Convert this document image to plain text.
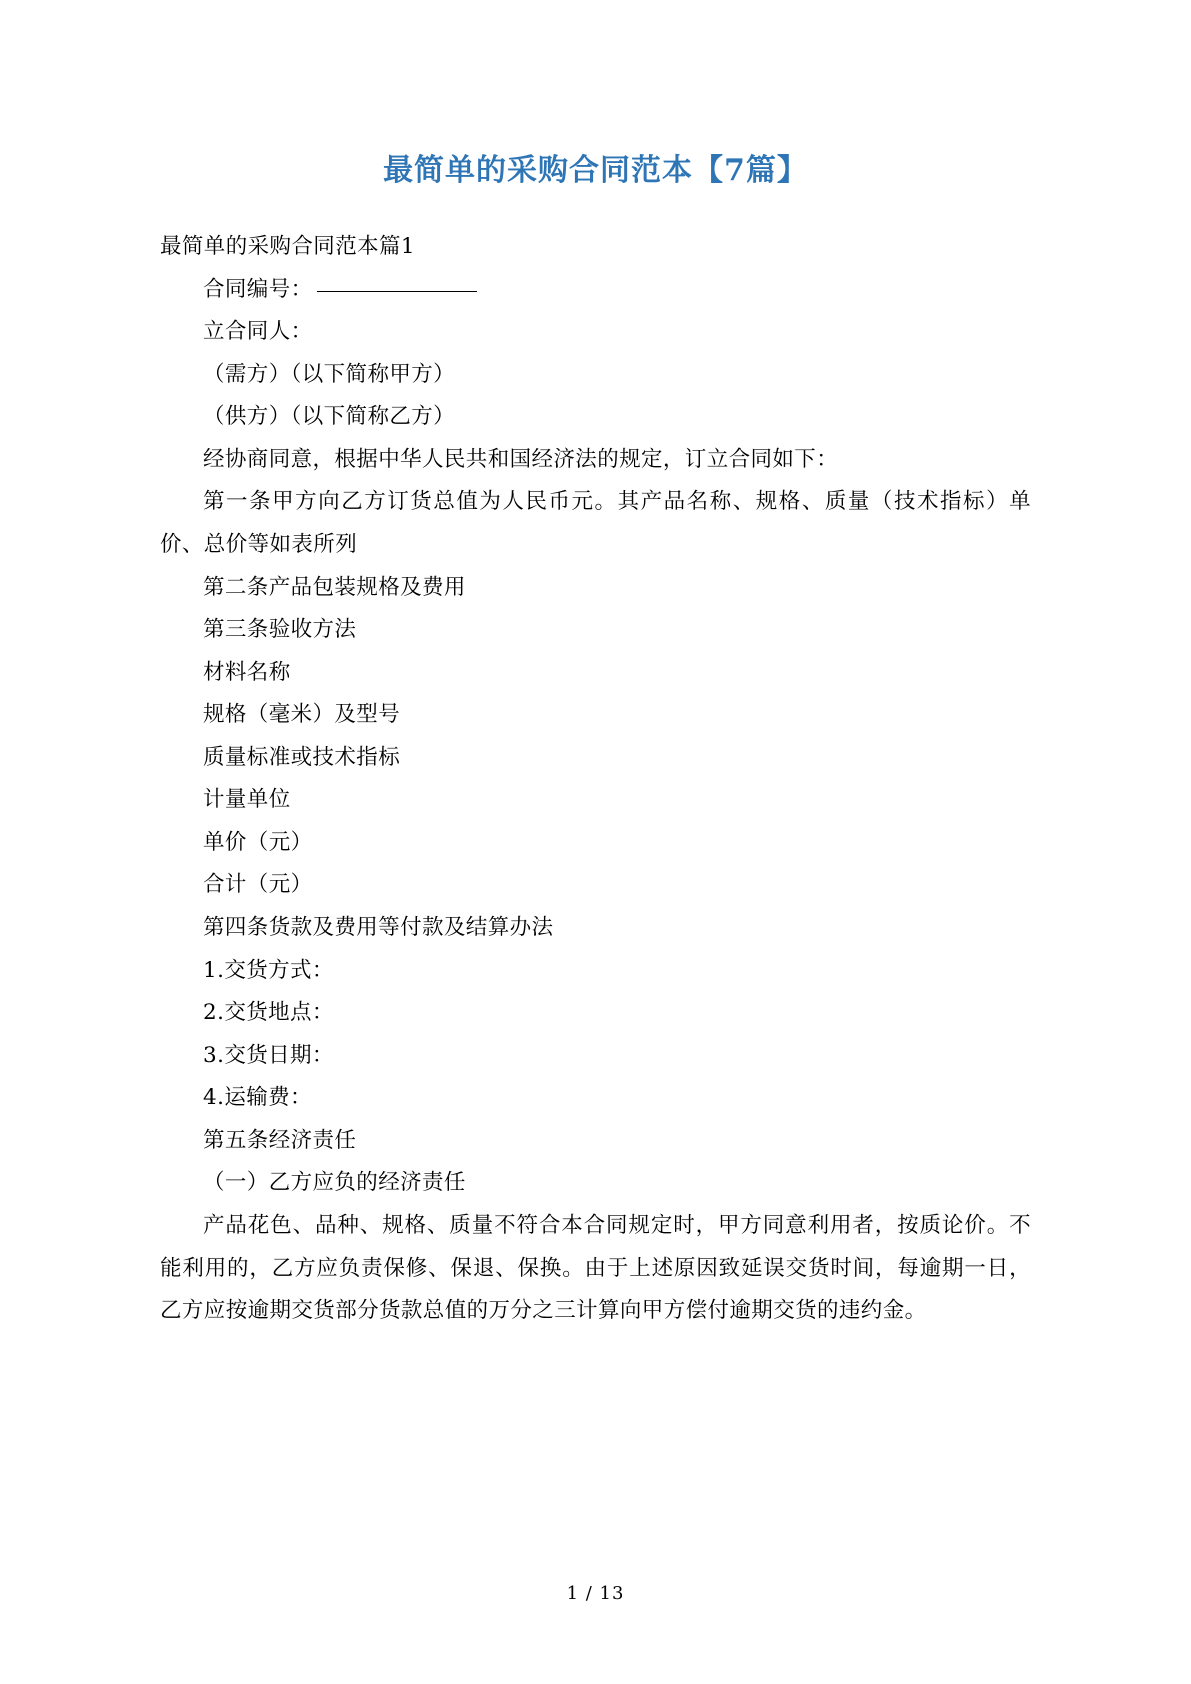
最简单的采购合同范本【7篇】

最简单的采购合同范本篇1

合同编号：

立合同人：

（需方）（以下简称甲方）

（供方）（以下简称乙方）

经协商同意，根据中华人民共和国经济法的规定，订立合同如下：

第一条甲方向乙方订货总值为人民币元。其产品名称、规格、质量（技术指标）单价、总价等如表所列

第二条产品包装规格及费用

第三条验收方法

材料名称

规格（毫米）及型号

质量标准或技术指标

计量单位

单价（元）

合计（元）

第四条货款及费用等付款及结算办法

1.交货方式：

2.交货地点：

3.交货日期：

4.运输费：

第五条经济责任

（一）乙方应负的经济责任

产品花色、品种、规格、质量不符合本合同规定时，甲方同意利用者，按质论价。不能利用的，乙方应负责保修、保退、保换。由于上述原因致延误交货时间，每逾期一日，乙方应按逾期交货部分货款总值的万分之三计算向甲方偿付逾期交货的违约金。

1 / 13
